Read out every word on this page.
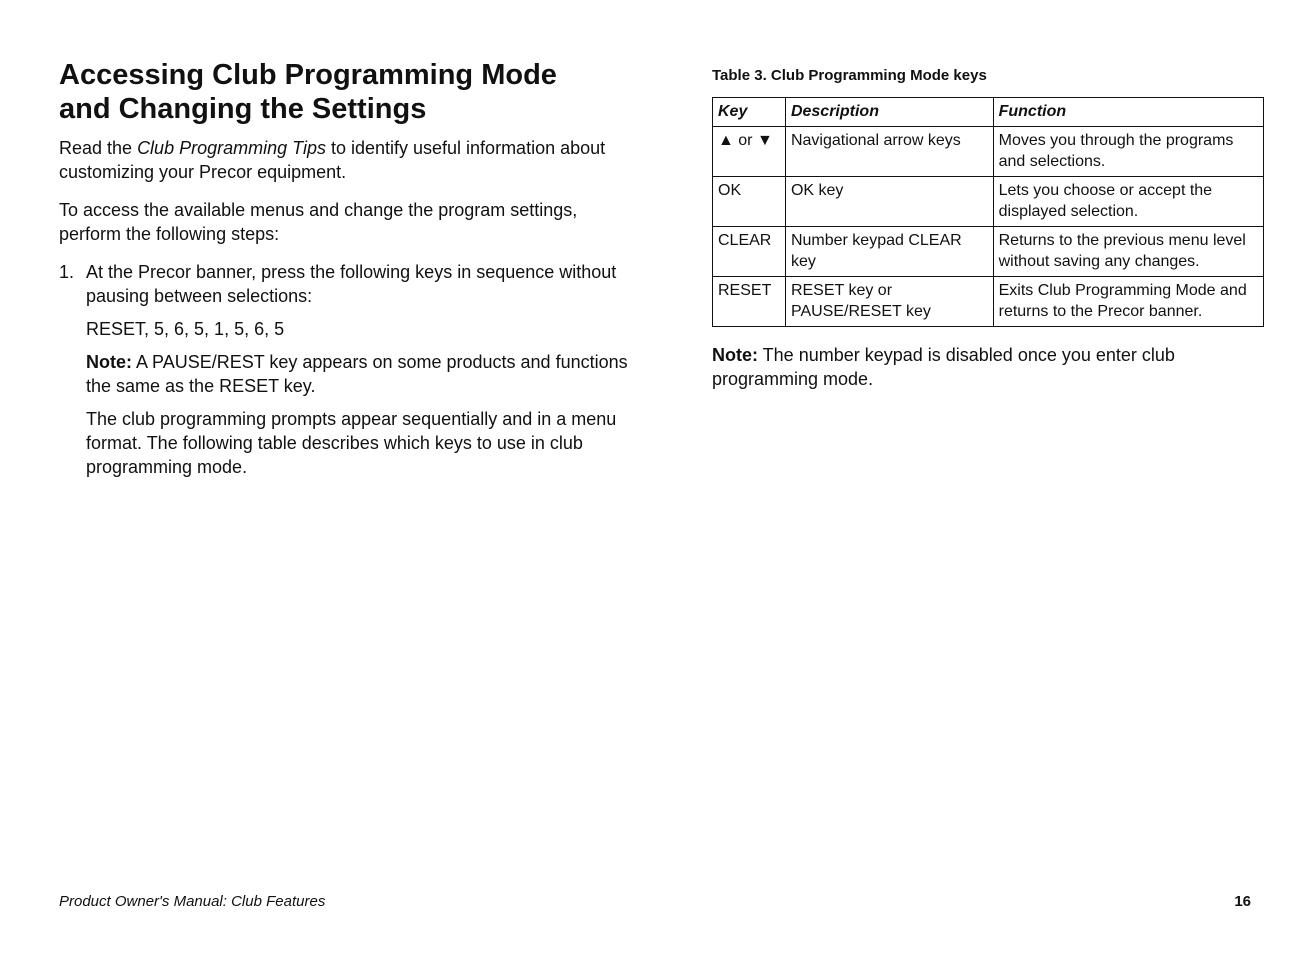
Accessing Club Programming Mode
and Changing the Settings

Read the Club Programming Tips to identify useful information about customizing your Precor equipment.

To access the available menus and change the program settings, perform the following steps:

1. At the Precor banner, press the following keys in sequence without pausing between selections:

RESET, 5, 6, 5, 1, 5, 6, 5

Note: A PAUSE/REST key appears on some products and functions the same as the RESET key.

The club programming prompts appear sequentially and in a menu format. The following table describes which keys to use in club programming mode.

Table 3. Club Programming Mode keys
Key	Description	Function
▲ or ▼	Navigational arrow keys	Moves you through the programs and selections.
OK	OK key	Lets you choose or accept the displayed selection.
CLEAR	Number keypad CLEAR key	Returns to the previous menu level without saving any changes.
RESET	RESET key or PAUSE/RESET key	Exits Club Programming Mode and returns to the Precor banner.

Note: The number keypad is disabled once you enter club programming mode.

Product Owner's Manual: Club Features	16
